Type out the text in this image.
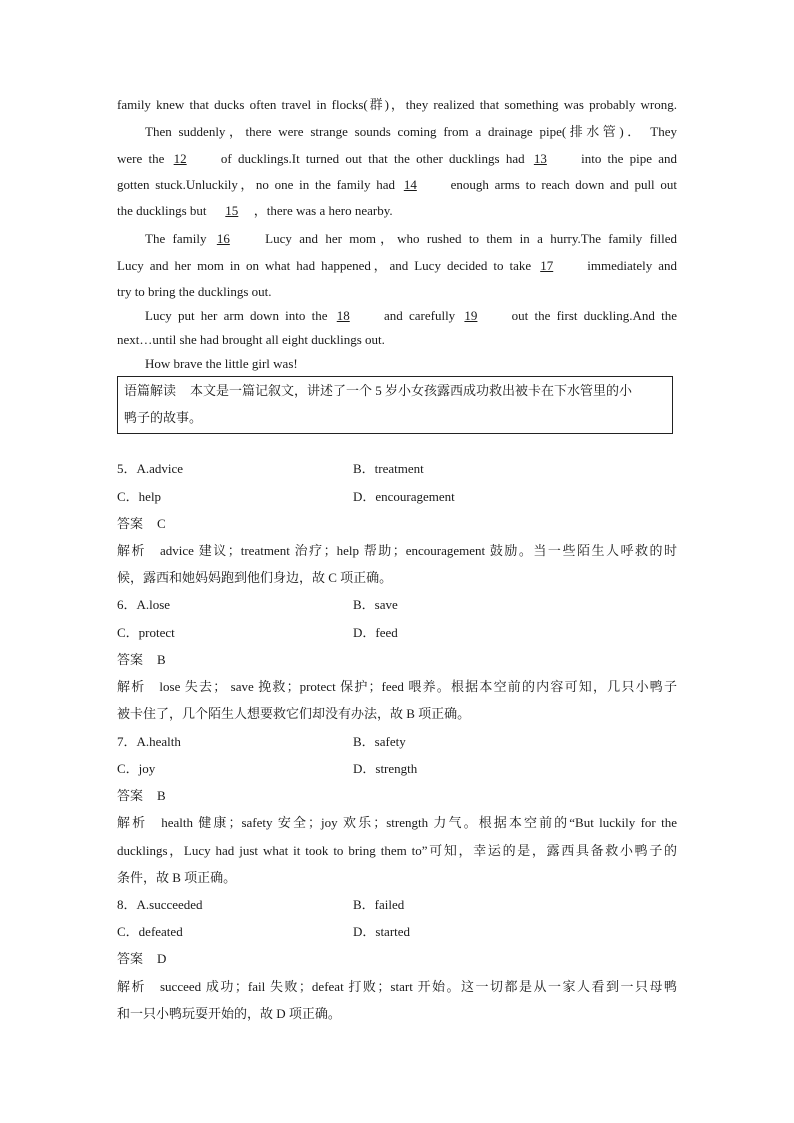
family knew that ducks often travel in flocks(群)，they realized that something was probably wrong.
Then suddenly，there were strange sounds coming from a drainage pipe(排水管)． They
were the 12	of ducklings.It turned out that the other ducklings had 13	into the pipe and
gotten stuck.Unluckily，no one in the family had 14	enough arms to reach down and pull out
the ducklings but 15 ，there was a hero nearby.
The family 16	Lucy and her mom，who rushed to them in a hurry.The family filled
Lucy and her mom in on what had happened，and Lucy decided to take 17	immediately and
try to bring the ducklings out.
Lucy put her arm down into the 18	and carefully 19	out the first duckling.And the
next…until she had brought all eight ducklings out.
How brave the little girl was!
语篇解读 本文是一篇记叙文，讲述了一个 5 岁小女孩露西成功救出被卡在下水管里的小
鸭子的故事。
5．A.advice	B．treatment
C．help	D．encouragement
答案 C
解析 advice 建议；treatment 治疗；help 帮助；encouragement 鼓励。当一些陌生人呼救的时
候，露西和她妈妈跑到他们身边，故 C 项正确。
6．A.lose	B．save
C．protect	D．feed
答案 B
解析 lose 失去； save 挽救；protect 保护；feed 喂养。根据本空前的内容可知，几只小鸭子
被卡住了，几个陌生人想要救它们却没有办法，故 B 项正确。
7．A.health	B．safety
C．joy	D．strength
答案 B
解析 health 健康；safety 安全；joy 欢乐；strength 力气。根据本空前的“But luckily for the
ducklings，Lucy had just what it took to bring them to”可知，幸运的是，露西具备救小鸭子的
条件，故 B 项正确。
8．A.succeeded	B．failed
C．defeated	D．started
答案 D
解析 succeed 成功；fail 失败；defeat 打败；start 开始。这一切都是从一家人看到一只母鸭
和一只小鸭玩耍开始的，故 D 项正确。
